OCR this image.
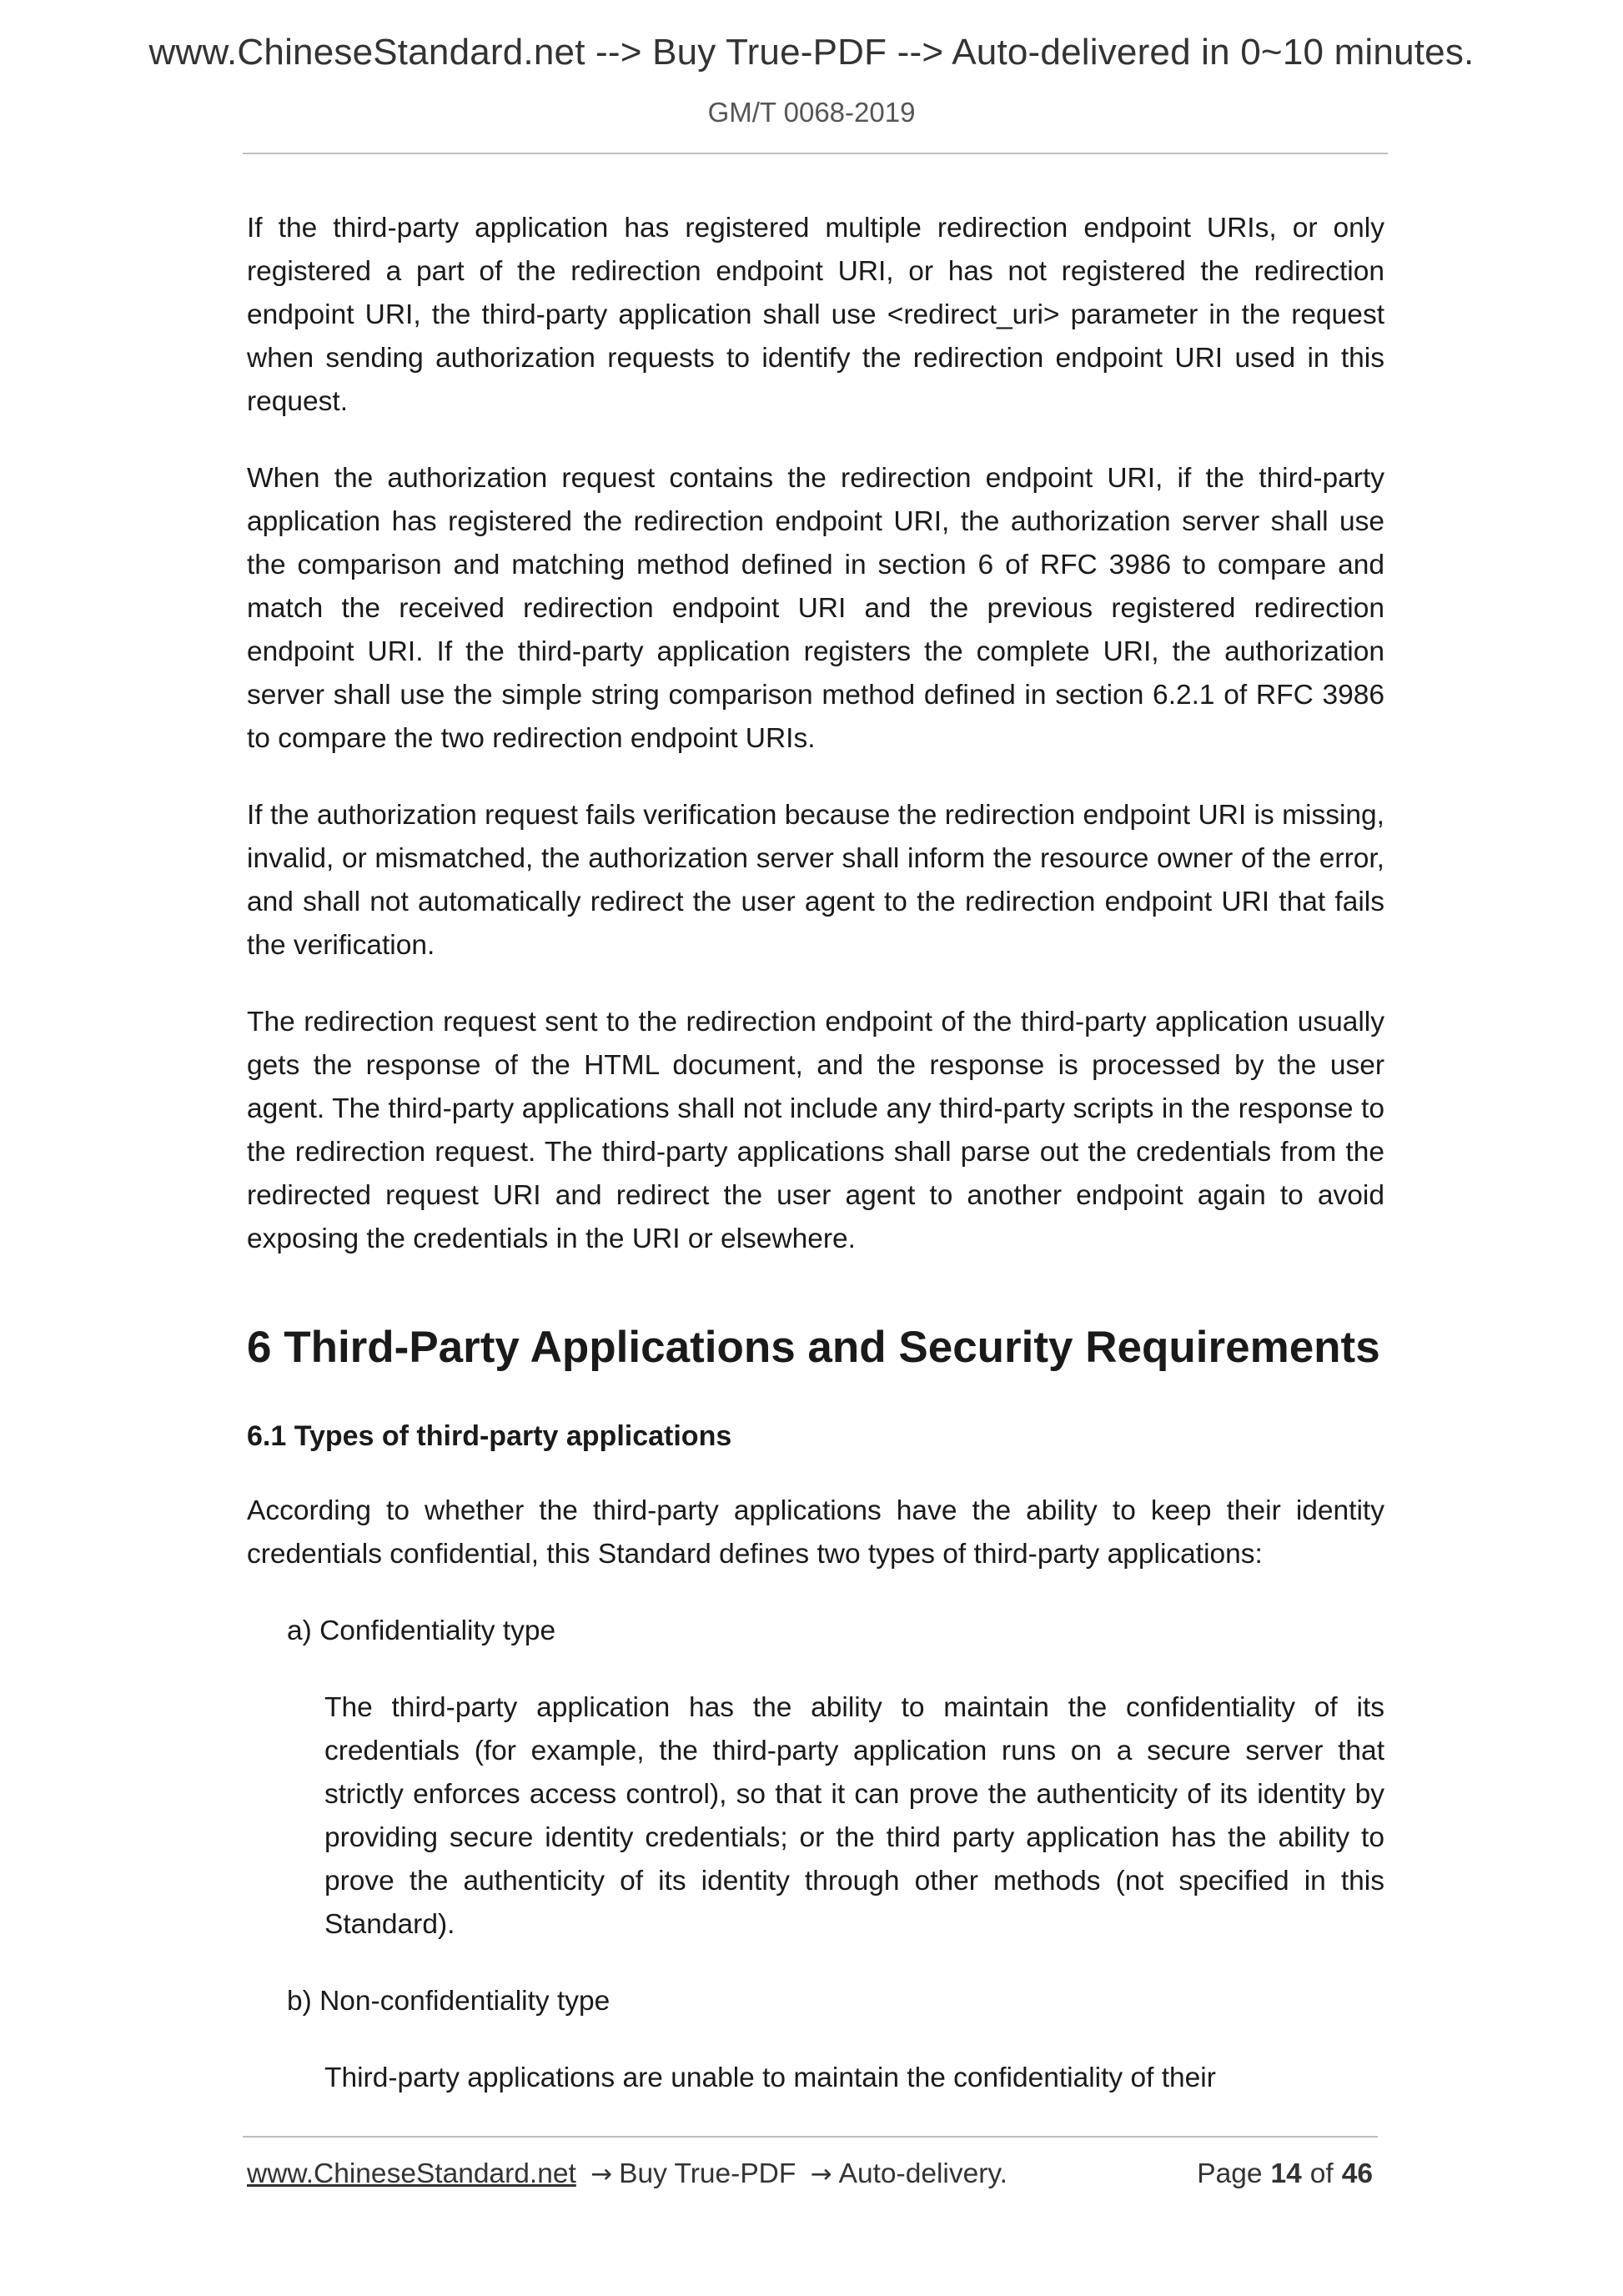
www.ChineseStandard.net --> Buy True-PDF --> Auto-delivered in 0~10 minutes.
GM/T 0068-2019

If the third-party application has registered multiple redirection endpoint URIs, or only registered a part of the redirection endpoint URI, or has not registered the redirection endpoint URI, the third-party application shall use <redirect_uri> parameter in the request when sending authorization requests to identify the redirection endpoint URI used in this request.

When the authorization request contains the redirection endpoint URI, if the third-party application has registered the redirection endpoint URI, the authorization server shall use the comparison and matching method defined in section 6 of RFC 3986 to compare and match the received redirection endpoint URI and the previous registered redirection endpoint URI. If the third-party application registers the complete URI, the authorization server shall use the simple string comparison method defined in section 6.2.1 of RFC 3986 to compare the two redirection endpoint URIs.

If the authorization request fails verification because the redirection endpoint URI is missing, invalid, or mismatched, the authorization server shall inform the resource owner of the error, and shall not automatically redirect the user agent to the redirection endpoint URI that fails the verification.

The redirection request sent to the redirection endpoint of the third-party application usually gets the response of the HTML document, and the response is processed by the user agent. The third-party applications shall not include any third-party scripts in the response to the redirection request. The third-party applications shall parse out the credentials from the redirected request URI and redirect the user agent to another endpoint again to avoid exposing the credentials in the URI or elsewhere.

6 Third-Party Applications and Security Requirements
6.1 Types of third-party applications

According to whether the third-party applications have the ability to keep their identity credentials confidential, this Standard defines two types of third-party applications:

a) Confidentiality type

The third-party application has the ability to maintain the confidentiality of its credentials (for example, the third-party application runs on a secure server that strictly enforces access control), so that it can prove the authenticity of its identity by providing secure identity credentials; or the third party application has the ability to prove the authenticity of its identity through other methods (not specified in this Standard).

b) Non-confidentiality type

Third-party applications are unable to maintain the confidentiality of their

www.ChineseStandard.net → Buy True-PDF → Auto-delivery.	Page 14 of 46
